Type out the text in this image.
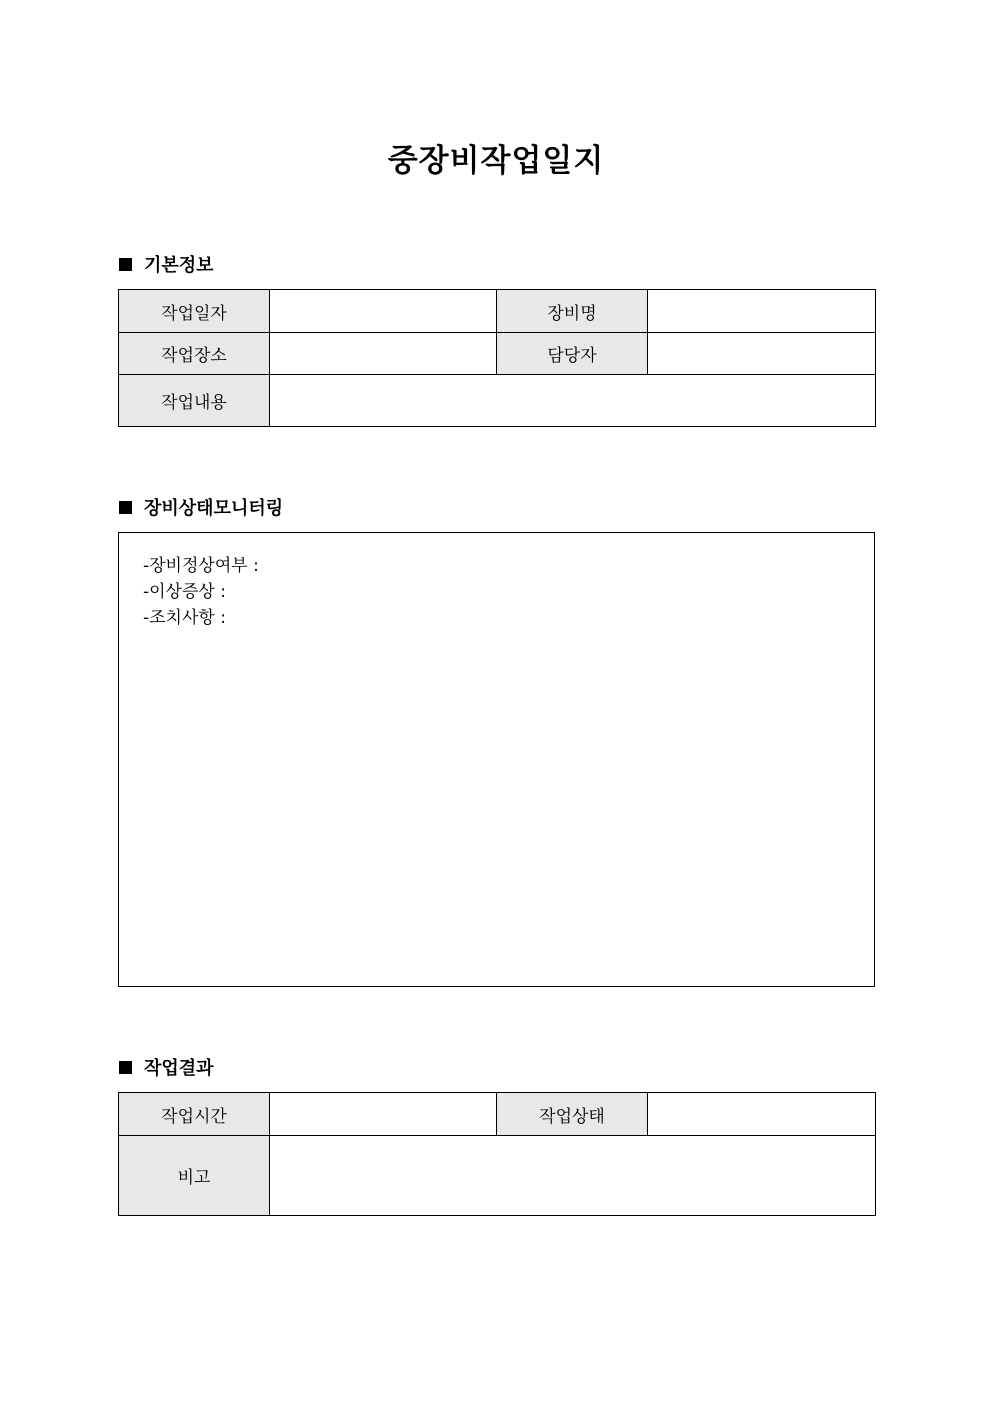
중장비작업일지
기본정보
작업일자		장비명	
작업장소		담당자	
작업내용			
장비상태모니터링
-장비정상여부 :
-이상증상 :
-조치사항 :
작업결과
작업시간		작업상태	
비고			
